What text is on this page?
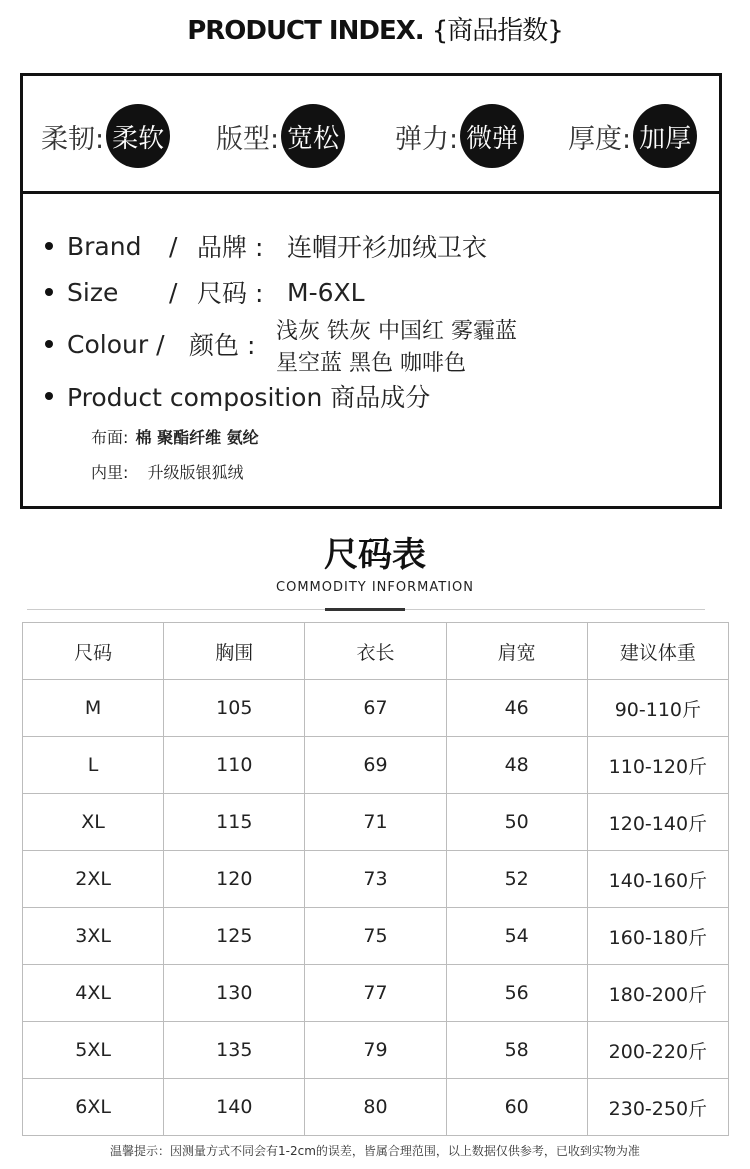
PRODUCT INDEX. {商品指数}
柔韧: 柔软 版型: 宽松 弹力: 微弹 厚度: 加厚
Brand	/ 品牌 : 连帽开衫加绒卫衣
Size	/ 尺码 : M-6XL
Colour / 颜色 : 浅灰 铁灰 中国红 雾霾蓝
星空蓝 黑色 咖啡色
Product composition 商品成分
布面: 棉 聚酯纤维 氨纶
内里: 升级版银狐绒
尺码表
COMMODITY INFORMATION
尺码	胸围	衣长	肩宽	建议体重
M	105	67	46	90-110斤
L	110	69	48	110-120斤
XL	115	71	50	120-140斤
2XL	120	73	52	140-160斤
3XL	125	75	54	160-180斤
4XL	130	77	56	180-200斤
5XL	135	79	58	200-220斤
6XL	140	80	60	230-250斤
温馨提示：因测量方式不同会有1-2cm的误差，皆属合理范围，以上数据仅供参考，已收到实物为准
